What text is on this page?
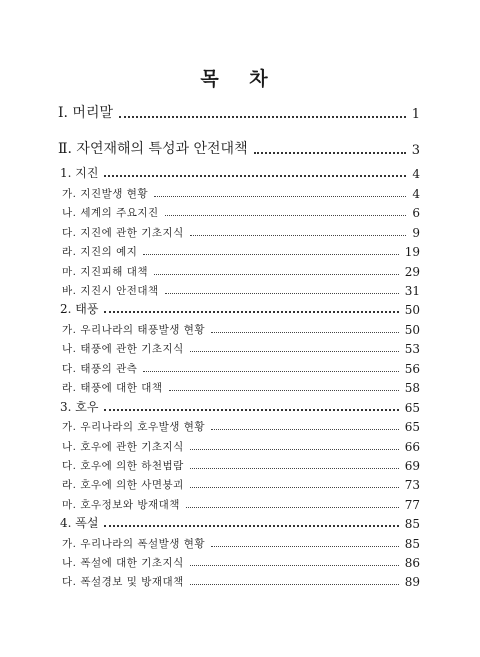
목 차
Ⅰ. 머리말	1
Ⅱ. 자연재해의 특성과 안전대책	3
1. 지진	4
가. 지진발생 현황	4
나. 세계의 주요지진	6
다. 지진에 관한 기초지식	9
라. 지진의 예지	19
마. 지진피해 대책	29
바. 지진시 안전대책	31
2. 태풍	50
가. 우리나라의 태풍발생 현황	50
나. 태풍에 관한 기초지식	53
다. 태풍의 관측	56
라. 태풍에 대한 대책	58
3. 호우	65
가. 우리나라의 호우발생 현황	65
나. 호우에 관한 기초지식	66
다. 호우에 의한 하천범람	69
라. 호우에 의한 사면붕괴	73
마. 호우정보와 방재대책	77
4. 폭설	85
가. 우리나라의 폭설발생 현황	85
나. 폭설에 대한 기초지식	86
다. 폭설경보 및 방재대책	89
